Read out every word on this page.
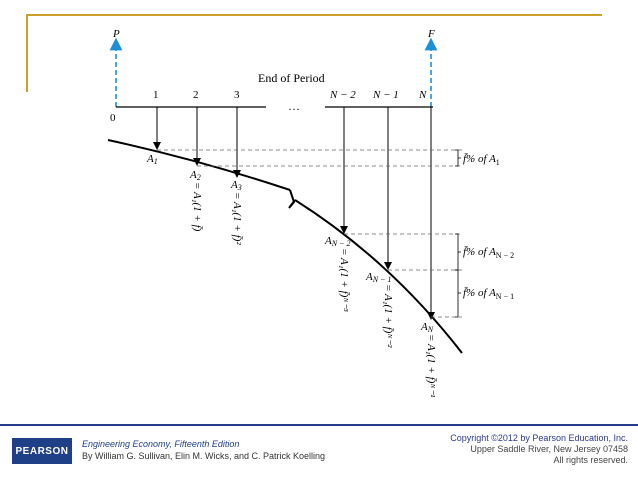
P	F
End of Period
…
0
1	2	3	N − 2 N − 1 N
f̄% of $A_1$
f̄% of $A_{N - 2}$
f̄% of $A_{N - 1}$
A1
A2
A3
AN − 2
AN − 1
AN
= A₁(1 + f̄)	= A₁(1 + f̄)²
= A₁(1 + f̄)ᴺ⁻³
= A₁(1 + f̄)ᴺ⁻²
= A₁(1 + f̄)ᴺ⁻¹
PEARSON
Engineering Economy, Fifteenth Edition
By William G. Sullivan, Elin M. Wicks, and C. Patrick Koelling
Copyright ©2012 by Pearson Education, Inc.
Upper Saddle River, New Jersey 07458
All rights reserved.
